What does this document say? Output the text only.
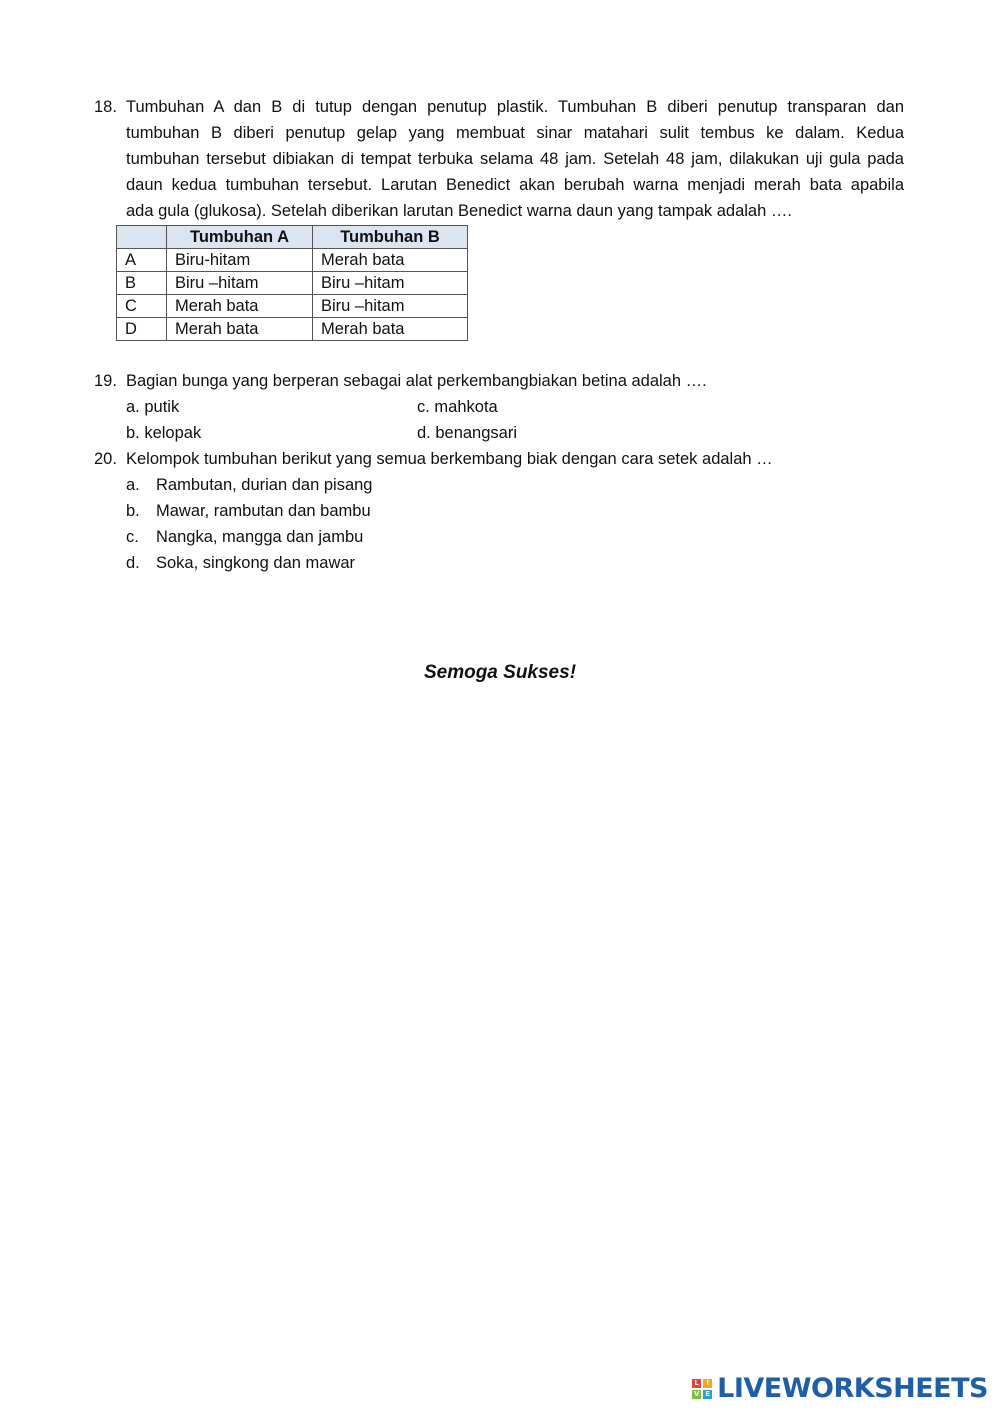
18. Tumbuhan A dan B di tutup dengan penutup plastik. Tumbuhan B diberi penutup transparan dan

tumbuhan B diberi penutup gelap yang membuat sinar matahari sulit tembus ke dalam. Kedua

tumbuhan tersebut dibiakan di tempat terbuka selama 48 jam. Setelah 48 jam, dilakukan uji gula pada

daun kedua tumbuhan tersebut. Larutan Benedict akan berubah warna menjadi merah bata apabila

ada gula (glukosa). Setelah diberikan larutan Benedict warna daun yang tampak adalah ….

	Tumbuhan A	Tumbuhan B
A	Biru-hitam	Merah bata
B	Biru –hitam	Biru –hitam
C	Merah bata	Biru –hitam
D	Merah bata	Merah bata
19. Bagian bunga yang berperan sebagai alat perkembangbiakan betina adalah ….

a. putik	c. mahkota
b. kelopak	d. benangsari
20. Kelompok tumbuhan berikut yang semua berkembang biak dengan cara setek adalah …

a. Rambutan, durian dan pisang
b. Mawar, rambutan dan bambu
c. Nangka, mangga dan jambu
d. Soka, singkong dan mawar
Semoga Sukses!
L	I
V E LIVEWORKSHEETS
